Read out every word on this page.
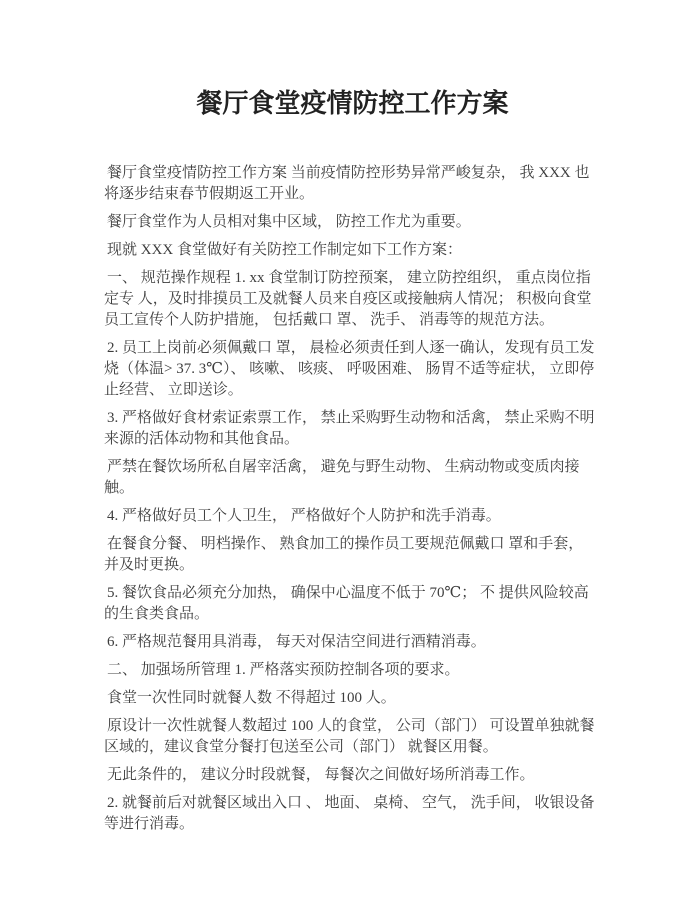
餐厅食堂疫情防控工作方案

餐厅食堂疫情防控工作方案 当前疫情防控形势异常严峻复杂， 我 XXX 也将逐步结束春节假期返工开业。

餐厅食堂作为人员相对集中区域， 防控工作尤为重要。

现就 XXX 食堂做好有关防控工作制定如下工作方案：

一、 规范操作规程 1. xx 食堂制订防控预案， 建立防控组织， 重点岗位指定专 人，及时排摸员工及就餐人员来自疫区或接触病人情况； 积极向食堂员工宣传个人防护措施， 包括戴口 罩、 洗手、 消毒等的规范方法。

2. 员工上岗前必须佩戴口 罩， 晨检必须责任到人逐一确认，发现有员工发烧（体温> 37. 3℃）、 咳嗽、 咳痰、 呼吸困难、 肠胃不适等症状， 立即停止经营、 立即送诊。

3. 严格做好食材索证索票工作， 禁止采购野生动物和活禽， 禁止采购不明来源的活体动物和其他食品。

严禁在餐饮场所私自屠宰活禽， 避免与野生动物、 生病动物或变质肉接触。

4. 严格做好员工个人卫生， 严格做好个人防护和洗手消毒。

在餐食分餐、 明档操作、 熟食加工的操作员工要规范佩戴口 罩和手套， 并及时更换。

5. 餐饮食品必须充分加热， 确保中心温度不低于 70℃； 不 提供风险较高的生食类食品。

6. 严格规范餐用具消毒， 每天对保洁空间进行酒精消毒。

二、 加强场所管理 1. 严格落实预防控制各项的要求。

食堂一次性同时就餐人数 不得超过 100 人。

原设计一次性就餐人数超过 100 人的食堂， 公司（部门） 可设置单独就餐区域的，建议食堂分餐打包送至公司（部门） 就餐区用餐。

无此条件的， 建议分时段就餐， 每餐次之间做好场所消毒工作。

2. 就餐前后对就餐区域出入口 、 地面、 桌椅、 空气， 洗手间， 收银设备等进行消毒。
